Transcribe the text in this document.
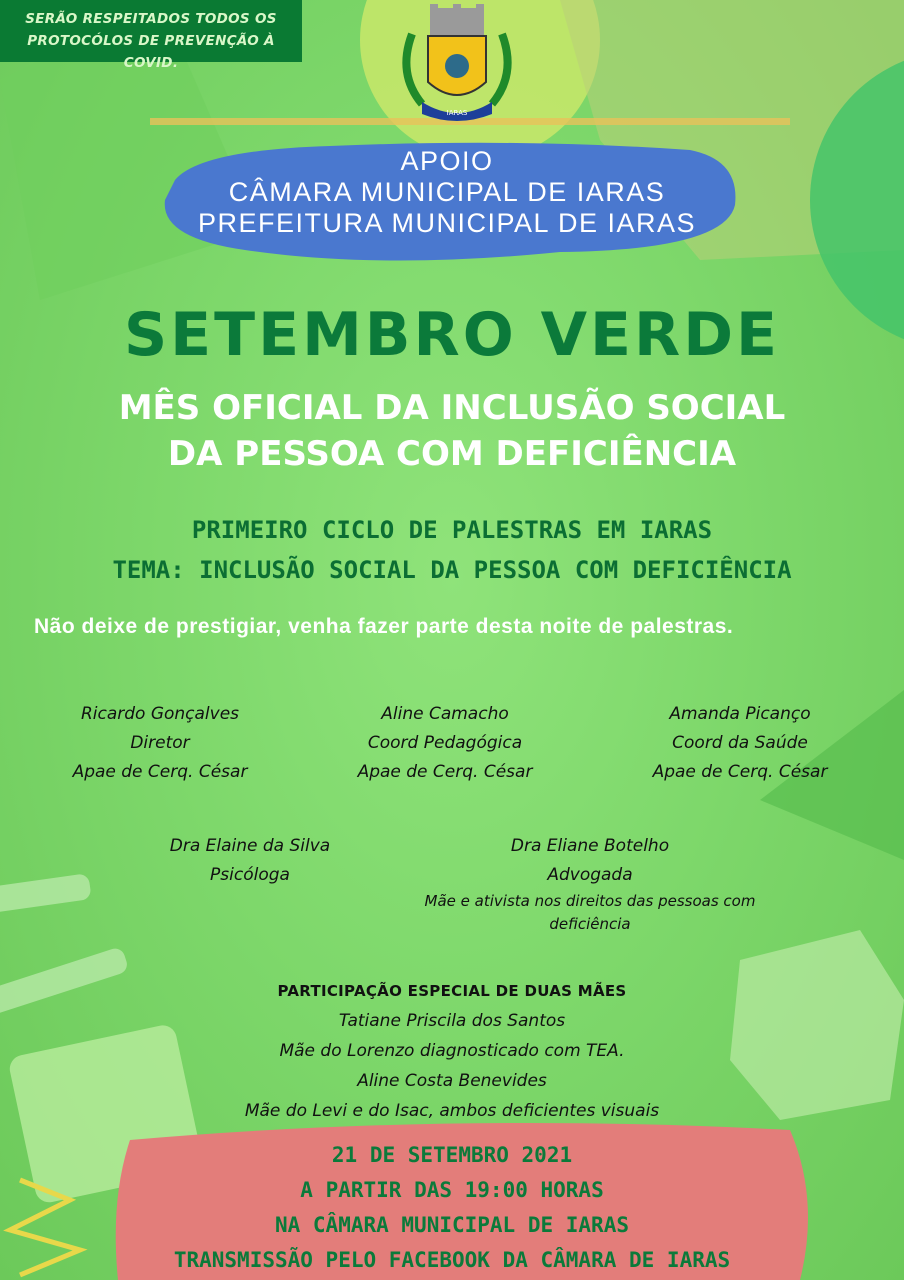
IARAS
SERÃO RESPEITADOS TODOS OS
PROTOCÓLOS DE PREVENÇÃO À COVID.
APOIO
CÂMARA MUNICIPAL DE IARAS
PREFEITURA MUNICIPAL DE IARAS
SETEMBRO VERDE
MÊS OFICIAL DA INCLUSÃO SOCIAL
DA PESSOA COM DEFICIÊNCIA
PRIMEIRO CICLO DE PALESTRAS EM IARAS
TEMA: INCLUSÃO SOCIAL DA PESSOA COM DEFICIÊNCIA
Não deixe de prestigiar, venha fazer parte desta noite de palestras.
Ricardo Gonçalves
Diretor
Apae de Cerq. César
Aline Camacho
Coord Pedagógica
Apae de Cerq. César
Amanda Picanço
Coord da Saúde
Apae de Cerq. César
Dra Elaine da Silva
Psicóloga
Dra Eliane Botelho
Advogada
Mãe e ativista nos direitos das pessoas com
deficiência
PARTICIPAÇÃO ESPECIAL DE DUAS MÃES
Tatiane Priscila dos Santos
Mãe do Lorenzo diagnosticado com TEA.
Aline Costa Benevides
Mãe do Levi e do Isac, ambos deficientes visuais
21 DE SETEMBRO 2021
A PARTIR DAS 19:00 HORAS
NA CÂMARA MUNICIPAL DE IARAS
TRANSMISSÃO PELO FACEBOOK DA CÂMARA DE IARAS
